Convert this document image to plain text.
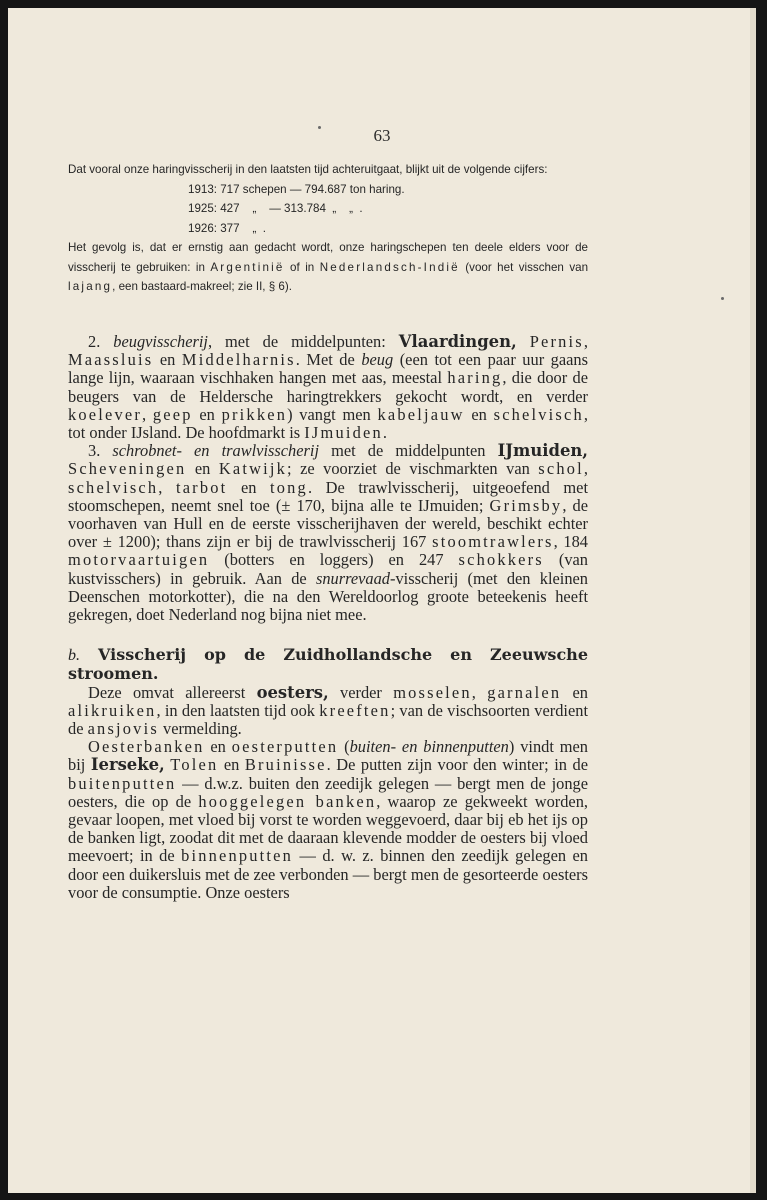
63

Dat vooral onze haringvisscherij in den laatsten tijd achteruitgaat, blijkt uit de volgende cijfers:

1913: 717 schepen — 794.687 ton haring.
1925: 427    „    — 313.784  „    „  .
1926: 377    „  .

Het gevolg is, dat er ernstig aan gedacht wordt, onze haringschepen ten deele elders voor de visscherij te gebruiken: in Argentinië of in Nederlandsch-Indië (voor het visschen van lajang, een bastaard-makreel; zie II, § 6).

2. beugvisscherij, met de middelpunten: Vlaardingen, Pernis, Maassluis en Middelharnis. Met de beug (een tot een paar uur gaans lange lijn, waaraan vischhaken hangen met aas, meestal haring, die door de beugers van de Heldersche haringtrekkers gekocht wordt, en verder koelever, geep en prikken) vangt men kabeljauw en schelvisch, tot onder IJsland. De hoofdmarkt is IJmuiden.

3. schrobnet- en trawlvisscherij met de middelpunten IJmuiden, Scheveningen en Katwijk; ze voorziet de vischmarkten van schol, schelvisch, tarbot en tong. De trawlvisscherij, uitgeoefend met stoomschepen, neemt snel toe (± 170, bijna alle te IJmuiden; Grimsby, de voorhaven van Hull en de eerste visscherijhaven der wereld, beschikt echter over ± 1200); thans zijn er bij de trawlvisscherij 167 stoomtrawlers, 184 motorvaartuigen (botters en loggers) en 247 schokkers (van kustvisschers) in gebruik. Aan de snurrevaad-visscherij (met den kleinen Deenschen motorkotter), die na den Wereldoorlog groote beteekenis heeft gekregen, doet Nederland nog bijna niet mee.

b. Visscherij op de Zuidhollandsche en Zeeuwsche stroomen.

Deze omvat allereerst oesters, verder mosselen, garnalen en alikruiken, in den laatsten tijd ook kreeften; van de vischsoorten verdient de ansjovis vermelding.

Oesterbanken en oesterputten (buiten- en binnenputten) vindt men bij Ierseke, Tolen en Bruinisse. De putten zijn voor den winter; in de buitenputten — d.w.z. buiten den zeedijk gelegen — bergt men de jonge oesters, die op de hooggelegen banken, waarop ze gekweekt worden, gevaar loopen, met vloed bij vorst te worden weggevoerd, daar bij eb het ijs op de banken ligt, zoodat dit met de daaraan klevende modder de oesters bij vloed meevoert; in de binnenputten — d. w. z. binnen den zeedijk gelegen en door een duikersluis met de zee verbonden — bergt men de gesorteerde oesters voor de consumptie. Onze oesters
